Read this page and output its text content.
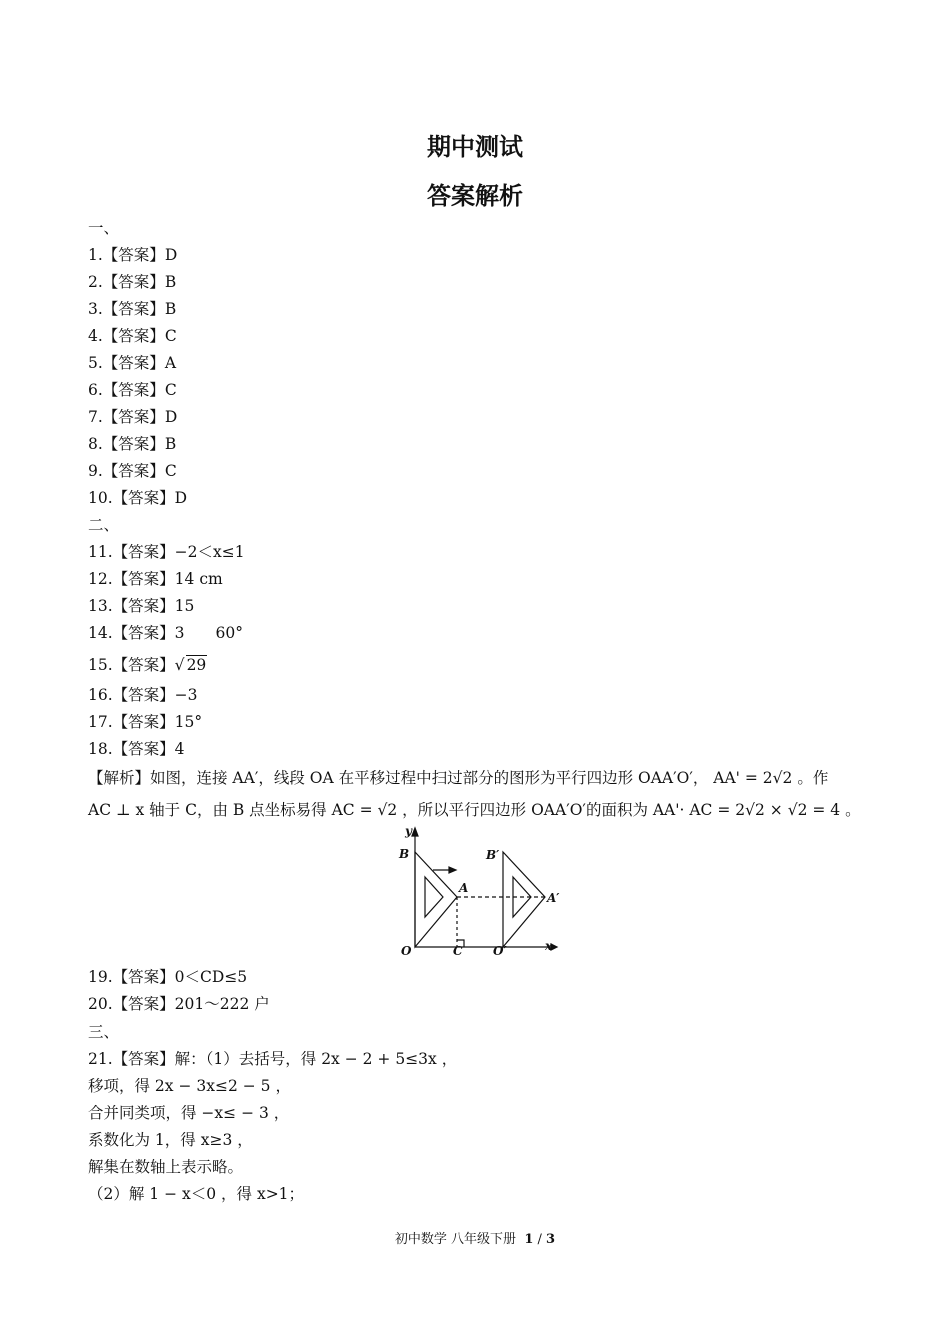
期中测试
答案解析
一、
1.【答案】D
2.【答案】B
3.【答案】B
4.【答案】C
5.【答案】A
6.【答案】C
7.【答案】D
8.【答案】B
9.【答案】C
10.【答案】D
二、
11.【答案】−2＜x≤1
12.【答案】14 cm
13.【答案】15
14.【答案】3　　60°
15.【答案】√ 29
16.【答案】−3
17.【答案】15°
18.【答案】4
【解析】如图，连接 AA′，线段 OA 在平移过程中扫过部分的图形为平行四边形 OAA′O′， AA' = 2√2 。作
AC ⊥ x 轴于 C，由 B 点坐标易得 AC = √2 ，所以平行四边形 OAA′O′的面积为 AA'· AC = 2√2 × √2 = 4 。
y
x
O	C	O′
B	B′
A
A′
19.【答案】0＜CD≤5
20.【答案】201～222 户
三、
21.【答案】解：（1）去括号，得 2x − 2 + 5≤3x ，
移项，得 2x − 3x≤2 − 5 ，
合并同类项，得 −x≤ − 3 ，
系数化为 1，得 x≥3 ，
解集在数轴上表示略。
（2）解 1 − x＜0 ，得 x>1；
初中数学 八年级下册 1 / 3
